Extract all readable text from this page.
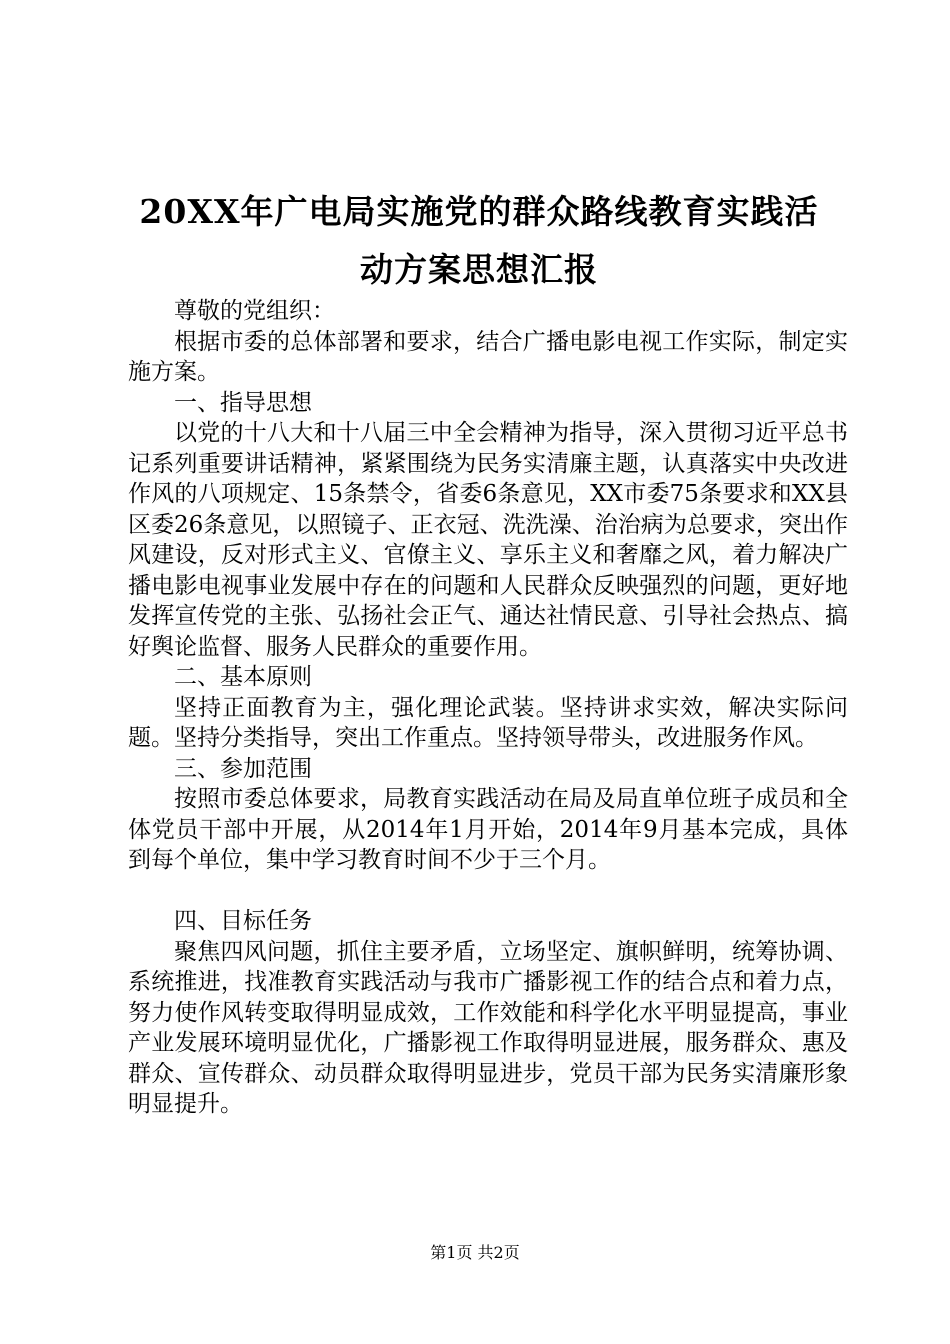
20XX年广电局实施党的群众路线教育实践活
动方案思想汇报

尊敬的党组织：

根据市委的总体部署和要求，结合广播电影电视工作实际，制定实施方案。

一、指导思想

以党的十八大和十八届三中全会精神为指导，深入贯彻习近平总书记系列重要讲话精神，紧紧围绕为民务实清廉主题，认真落实中央改进作风的八项规定、15条禁令，省委6条意见，XX市委75条要求和XX县区委26条意见，以照镜子、正衣冠、洗洗澡、治治病为总要求，突出作风建设，反对形式主义、官僚主义、享乐主义和奢靡之风，着力解决广播电影电视事业发展中存在的问题和人民群众反映强烈的问题，更好地发挥宣传党的主张、弘扬社会正气、通达社情民意、引导社会热点、搞好舆论监督、服务人民群众的重要作用。

二、基本原则

坚持正面教育为主，强化理论武装。坚持讲求实效，解决实际问题。坚持分类指导，突出工作重点。坚持领导带头，改进服务作风。

三、参加范围

按照市委总体要求，局教育实践活动在局及局直单位班子成员和全体党员干部中开展，从2014年1月开始，2014年9月基本完成，具体到每个单位，集中学习教育时间不少于三个月。

四、目标任务

聚焦四风问题，抓住主要矛盾，立场坚定、旗帜鲜明，统筹协调、系统推进，找准教育实践活动与我市广播影视工作的结合点和着力点，努力使作风转变取得明显成效，工作效能和科学化水平明显提高，事业产业发展环境明显优化，广播影视工作取得明显进展，服务群众、惠及群众、宣传群众、动员群众取得明显进步，党员干部为民务实清廉形象明显提升。

第1页 共2页
